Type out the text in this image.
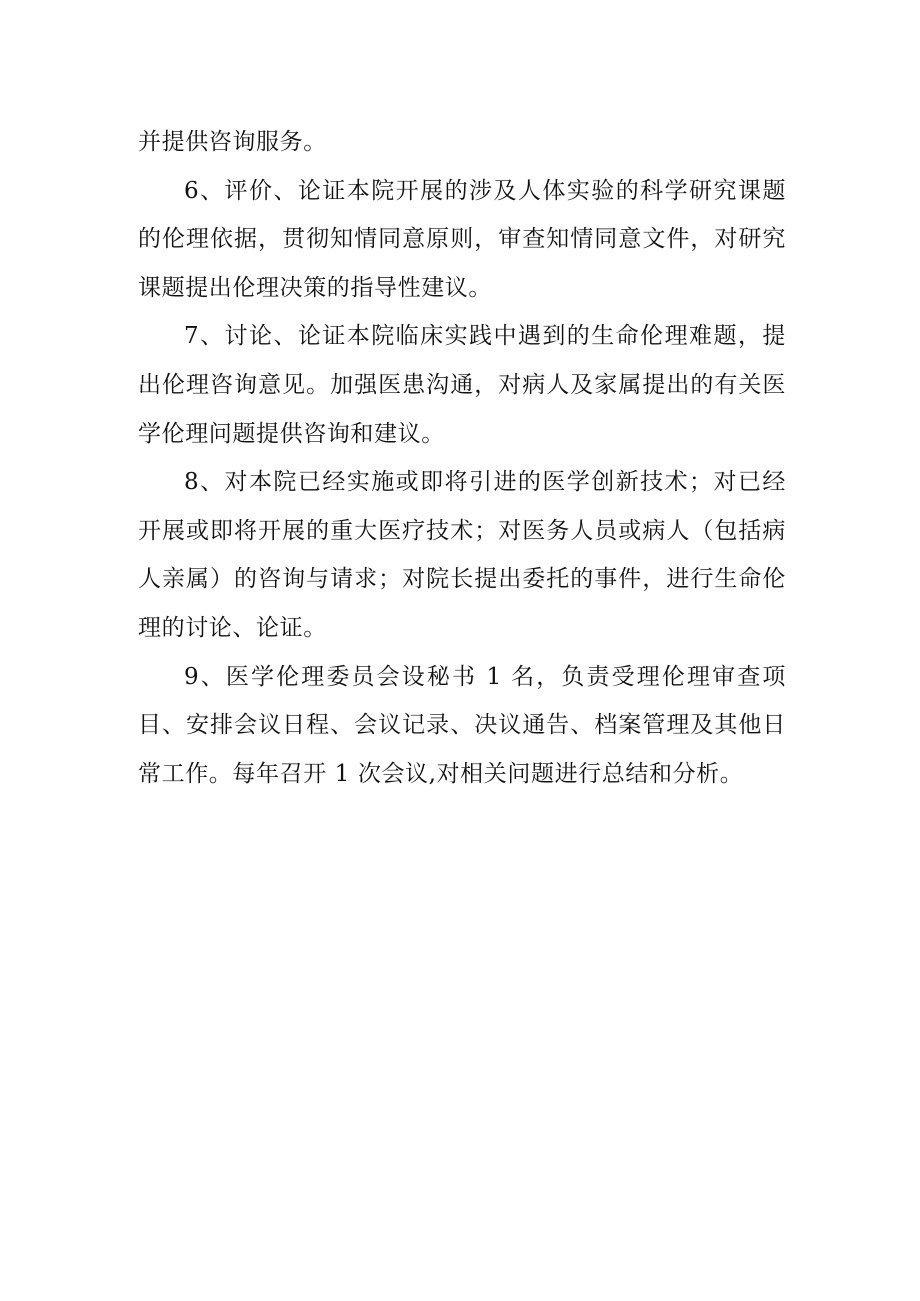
并提供咨询服务。

6、评价、论证本院开展的涉及人体实验的科学研究课题的伦理依据，贯彻知情同意原则，审查知情同意文件，对研究课题提出伦理决策的指导性建议。

7、讨论、论证本院临床实践中遇到的生命伦理难题，提出伦理咨询意见。加强医患沟通，对病人及家属提出的有关医学伦理问题提供咨询和建议。

8、对本院已经实施或即将引进的医学创新技术；对已经开展或即将开展的重大医疗技术；对医务人员或病人（包括病人亲属）的咨询与请求；对院长提出委托的事件，进行生命伦理的讨论、论证。

9、医学伦理委员会设秘书 1 名，负责受理伦理审查项目、安排会议日程、会议记录、决议通告、档案管理及其他日常工作。每年召开 1 次会议,对相关问题进行总结和分析。
